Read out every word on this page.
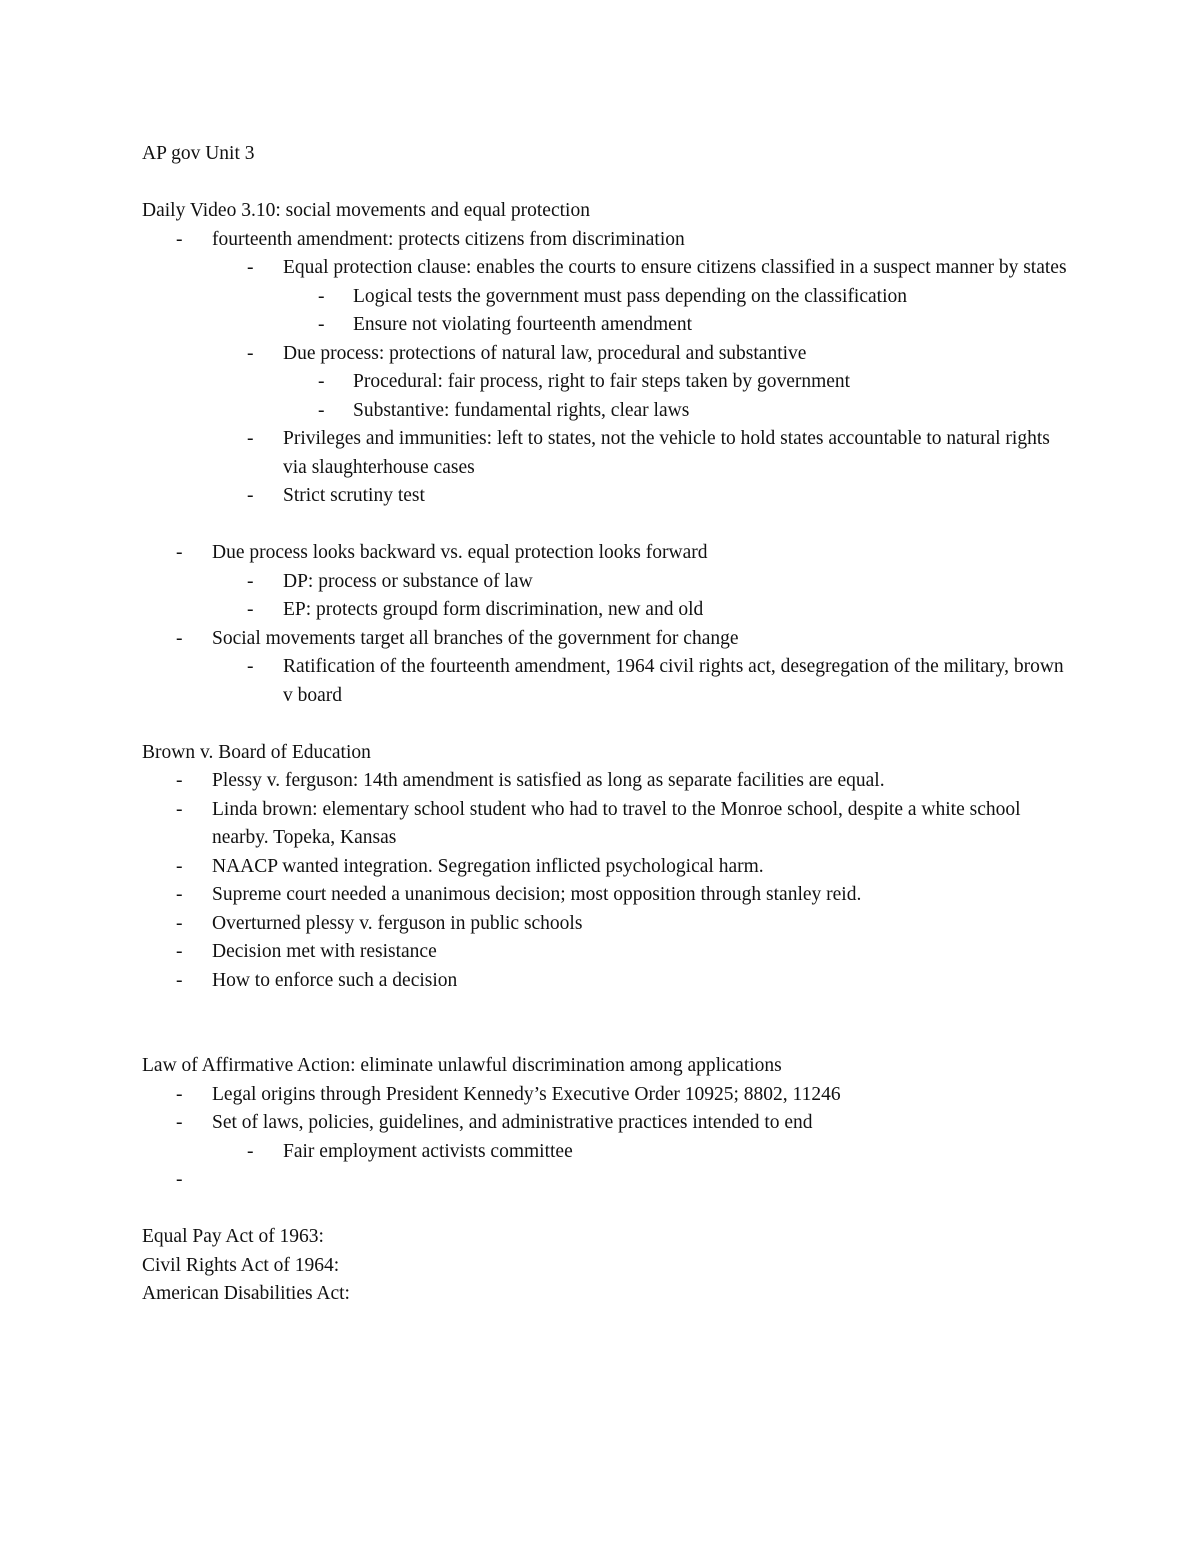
AP gov Unit 3
Daily Video 3.10: social movements and equal protection
- fourteenth amendment: protects citizens from discrimination
- Equal protection clause: enables the courts to ensure citizens classified in a suspect manner by states
- Logical tests the government must pass depending on the classification
- Ensure not violating fourteenth amendment
- Due process: protections of natural law, procedural and substantive
- Procedural: fair process, right to fair steps taken by government
- Substantive: fundamental rights, clear laws
- Privileges and immunities: left to states, not the vehicle to hold states accountable to natural rights via slaughterhouse cases
- Strict scrutiny test
- Due process looks backward vs. equal protection looks forward
- DP: process or substance of law
- EP: protects groupd form discrimination, new and old
- Social movements target all branches of the government for change
- Ratification of the fourteenth amendment, 1964 civil rights act, desegregation of the military, brown v board
Brown v. Board of Education
- Plessy v. ferguson: 14th amendment is satisfied as long as separate facilities are equal.
- Linda brown: elementary school student who had to travel to the Monroe school, despite a white school nearby. Topeka, Kansas
- NAACP wanted integration. Segregation inflicted psychological harm.
- Supreme court needed a unanimous decision; most opposition through stanley reid.
- Overturned plessy v. ferguson in public schools
- Decision met with resistance
- How to enforce such a decision
Law of Affirmative Action: eliminate unlawful discrimination among applications
- Legal origins through President Kennedy’s Executive Order 10925; 8802, 11246
- Set of laws, policies, guidelines, and administrative practices intended to end
- Fair employment activists committee
-
Equal Pay Act of 1963:
Civil Rights Act of 1964:
American Disabilities Act:
